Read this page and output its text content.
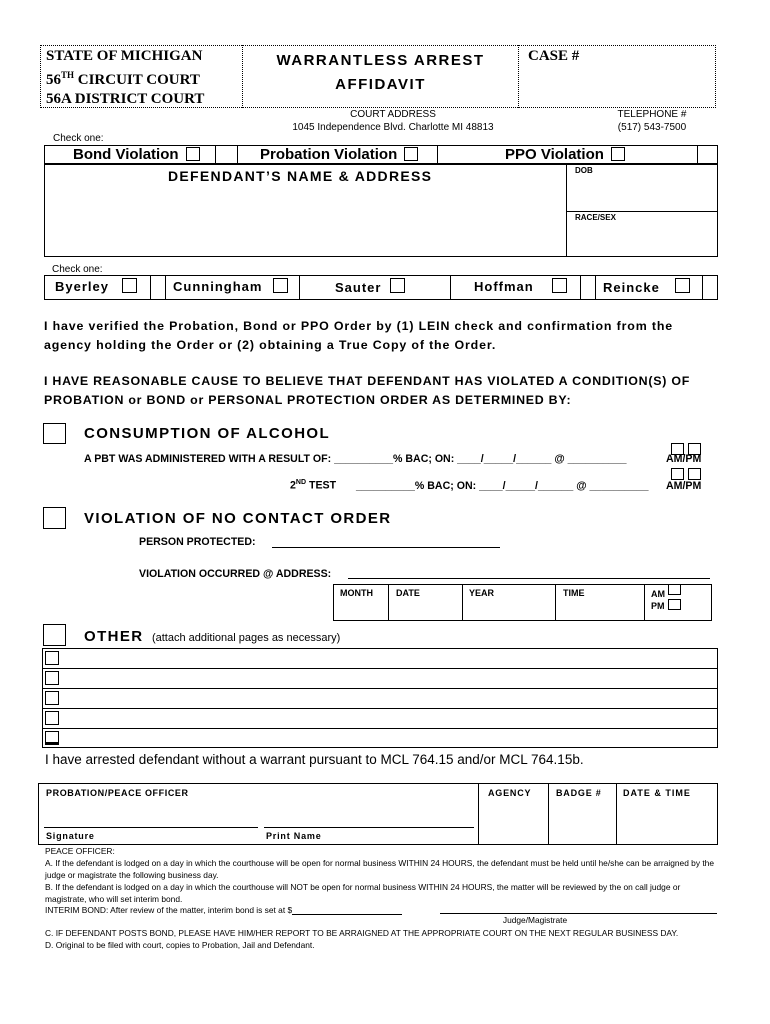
STATE OF MICHIGAN
56TH CIRCUIT COURT
56A DISTRICT COURT
WARRANTLESS ARREST
AFFIDAVIT
CASE #
COURT ADDRESS
1045 Independence Blvd. Charlotte MI 48813
TELEPHONE #
(517) 543-7500
Check one:
Bond Violation	Probation Violation	PPO Violation
DEFENDANT’S NAME & ADDRESS	DOB
RACE/SEX
Check one:
Byerley	Cunningham	Sauter	Hoffman	Reincke
I have verified the Probation, Bond or PPO Order by (1) LEIN check and confirmation from the agency holding the Order or (2) obtaining a True Copy of the Order.
I HAVE REASONABLE CAUSE TO BELIEVE THAT DEFENDANT HAS VIOLATED A CONDITION(S) OF PROBATION or BOND or PERSONAL PROTECTION ORDER AS DETERMINED BY:
CONSUMPTION OF ALCOHOL
A PBT WAS ADMINISTERED WITH A RESULT OF: __________% BAC; ON: ____/_____/______ @ __________	AM/PM
2ND TEST __________% BAC; ON: ____/_____/______ @ __________ AM/PM
VIOLATION OF NO CONTACT ORDER
PERSON PROTECTED:
VIOLATION OCCURRED @ ADDRESS:
MONTH	DATE	YEAR	TIME	AM
PM
OTHER (attach additional pages as necessary)
I have arrested defendant without a warrant pursuant to MCL 764.15 and/or MCL 764.15b.
PROBATION/PEACE OFFICER	AGENCY	BADGE # DATE & TIME
Signature	Print Name
PEACE OFFICER:
A. If the defendant is lodged on a day in which the courthouse will be open for normal business WITHIN 24 HOURS, the defendant must be held until he/she can be arraigned by the judge or magistrate the following business day.
B. If the defendant is lodged on a day in which the courthouse will NOT be open for normal business WITHIN 24 HOURS, the matter will be reviewed by the on call judge or magistrate, who will set interim bond.
INTERIM BOND: After review of the matter, interim bond is set at $
Judge/Magistrate
C. IF DEFENDANT POSTS BOND, PLEASE HAVE HIM/HER REPORT TO BE ARRAIGNED AT THE APPROPRIATE COURT ON THE NEXT REGULAR BUSINESS DAY.
D. Original to be filed with court, copies to Probation, Jail and Defendant.
